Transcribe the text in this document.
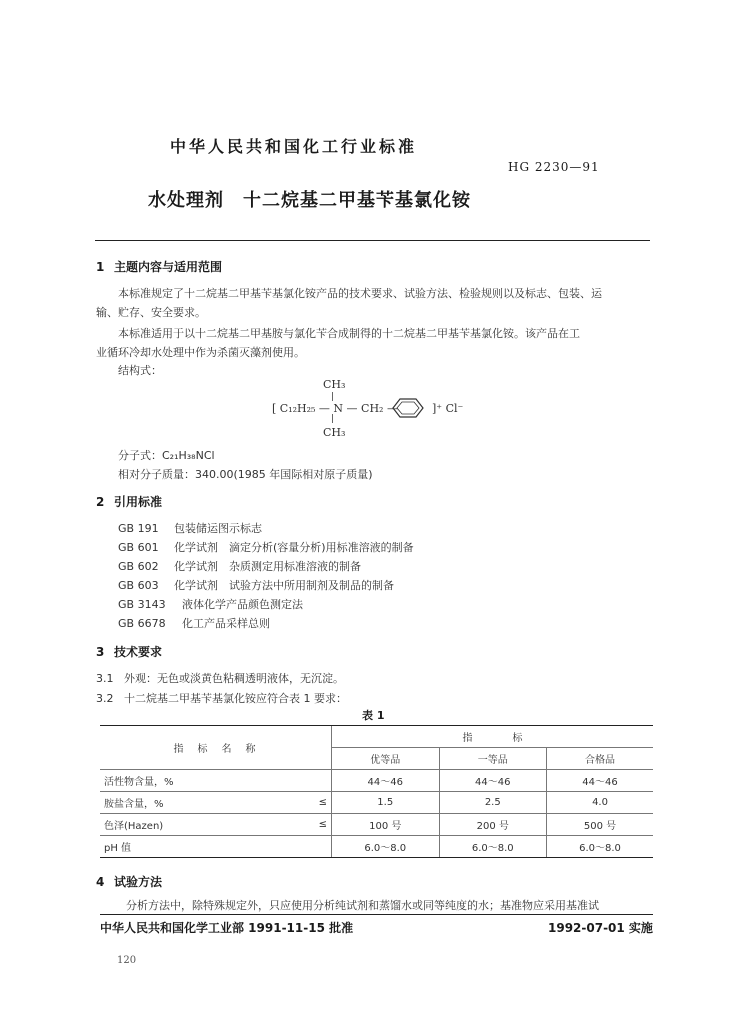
中华人民共和国化工行业标准
HG 2230—91
水处理剂　十二烷基二甲基苄基氯化铵
1 主题内容与适用范围
本标准规定了十二烷基二甲基苄基氯化铵产品的技术要求、试验方法、检验规则以及标志、包装、运
输、贮存、安全要求。
本标准适用于以十二烷基二甲基胺与氯化苄合成制得的十二烷基二甲基苄基氯化铵。该产品在工
业循环冷却水处理中作为杀菌灭藻剂使用。
结构式：
CH₃
|
[ C₁₂H₂₅ — N — CH₂ —	]⁺ Cl⁻
|
CH₃
分子式：C₂₁H₃₈NCl
相对分子质量：340.00(1985 年国际相对原子质量)
2 引用标准
GB 191 包装储运图示标志
GB 601 化学试剂　滴定分析(容量分析)用标准溶液的制备
GB 602 化学试剂　杂质测定用标准溶液的制备
GB 603 化学试剂　试验方法中所用制剂及制品的制备
GB 3143 液体化学产品颜色测定法
GB 6678 化工产品采样总则
3 技术要求
3.1 外观：无色或淡黄色粘稠透明液体，无沉淀。
3.2 十二烷基二甲基苄基氯化铵应符合表 1 要求：
表 1
指　标　名　称		指　　　　标		
		优等品	一等品	合格品
活性物含量，%		44～46	44～46	44～46
胺盐含量，%	≤	1.5	2.5	4.0
色泽(Hazen)	≤	100 号	200 号	500 号
pH 值		6.0～8.0	6.0～8.0	6.0～8.0
4 试验方法
分析方法中，除特殊规定外，只应使用分析纯试剂和蒸馏水或同等纯度的水；基准物应采用基准试
中华人民共和国化学工业部 1991-11-15 批准	1992-07-01 实施
120
